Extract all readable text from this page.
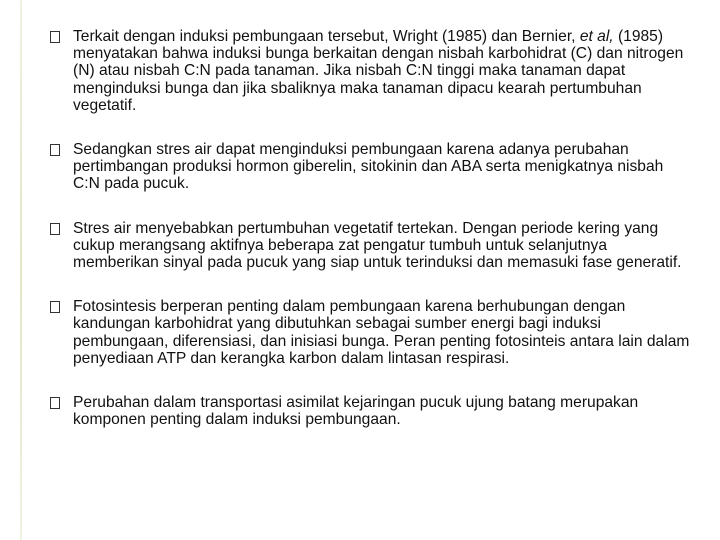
Terkait dengan induksi pembungaan tersebut, Wright (1985) dan Bernier, et al, (1985) menyatakan bahwa induksi bunga berkaitan dengan nisbah karbohidrat (C) dan nitrogen (N) atau nisbah C:N pada tanaman. Jika nisbah C:N tinggi maka tanaman dapat menginduksi bunga dan jika sbaliknya maka tanaman dipacu kearah pertumbuhan vegetatif.
Sedangkan stres air dapat menginduksi pembungaan karena adanya perubahan pertimbangan produksi hormon giberelin, sitokinin dan ABA serta menigkatnya nisbah C:N pada pucuk.
Stres air menyebabkan pertumbuhan vegetatif tertekan. Dengan periode kering yang cukup merangsang aktifnya beberapa zat pengatur tumbuh untuk selanjutnya memberikan sinyal pada pucuk yang siap untuk terinduksi dan memasuki fase generatif.
Fotosintesis berperan penting dalam pembungaan karena berhubungan dengan kandungan karbohidrat yang dibutuhkan sebagai sumber energi bagi induksi pembungaan, diferensiasi, dan inisiasi bunga. Peran penting fotosinteis antara lain dalam penyediaan ATP dan kerangka karbon dalam lintasan respirasi.
Perubahan dalam transportasi asimilat kejaringan pucuk ujung batang merupakan komponen penting dalam induksi pembungaan.
